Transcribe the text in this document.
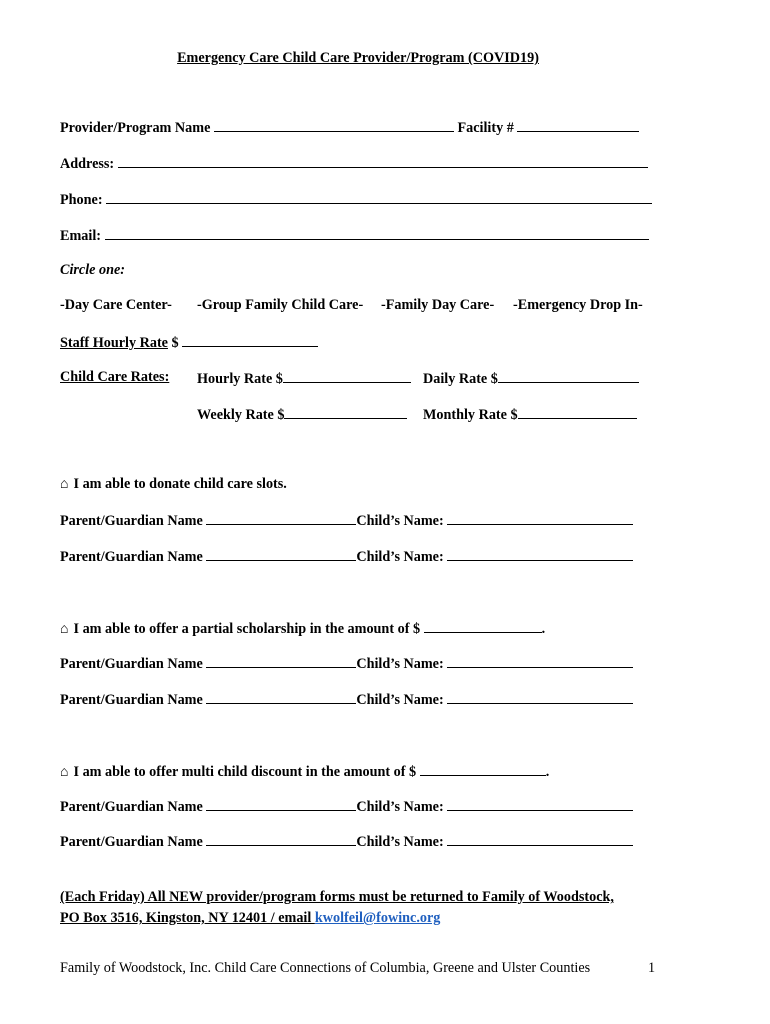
Emergency Care Child Care Provider/Program (COVID19)
Provider/Program Name	Facility #
Address:
Phone:
Email:
Circle one:
-Day Care Center- -Group Family Child Care- -Family Day Care- -Emergency Drop In-
Staff Hourly Rate $
Child Care Rates: Hourly Rate $	Daily Rate $
Weekly Rate $	Monthly Rate $
⌂ I am able to donate child care slots.
Parent/Guardian Name	Child’s Name:
Parent/Guardian Name	Child’s Name:
⌂ I am able to offer a partial scholarship in the amount of $	.
Parent/Guardian Name	Child’s Name:
Parent/Guardian Name	Child’s Name:
⌂ I am able to offer multi child discount in the amount of $	.
Parent/Guardian Name	Child’s Name:
Parent/Guardian Name	Child’s Name:
(Each Friday) All NEW provider/program forms must be returned to Family of Woodstock,
PO Box 3516, Kingston, NY 12401 / email kwolfeil@fowinc.org
Family of Woodstock, Inc. Child Care Connections of Columbia, Greene and Ulster Counties	1
